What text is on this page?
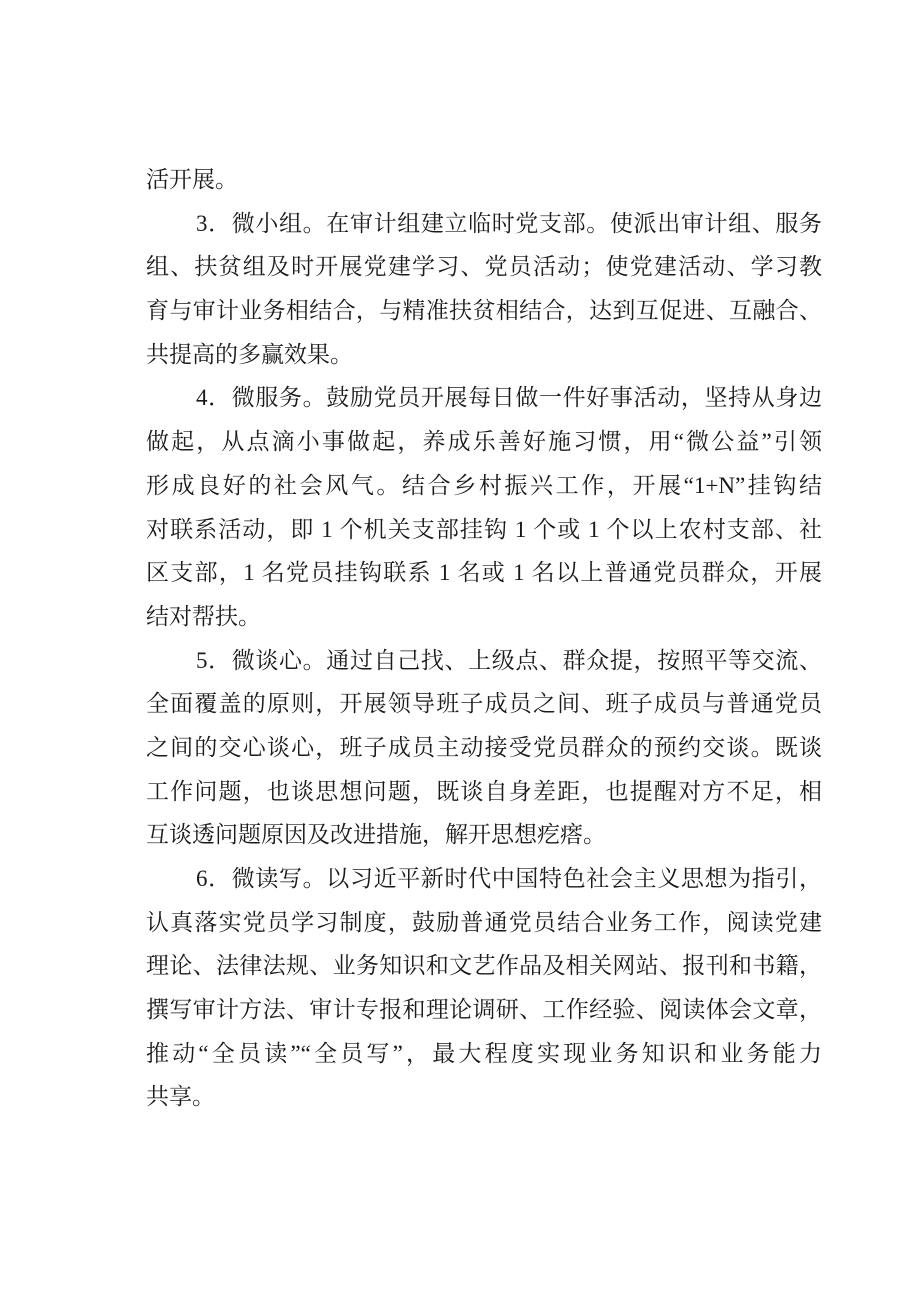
活开展。

3．微小组。在审计组建立临时党支部。使派出审计组、服务
组、扶贫组及时开展党建学习、党员活动；使党建活动、学习教
育与审计业务相结合，与精准扶贫相结合，达到互促进、互融合、
共提高的多赢效果。

4．微服务。鼓励党员开展每日做一件好事活动，坚持从身边
做起，从点滴小事做起，养成乐善好施习惯，用“微公益”引领
形成良好的社会风气。结合乡村振兴工作，开展“1+N”挂钩结
对联系活动，即 1 个机关支部挂钩 1 个或 1 个以上农村支部、社
区支部，1 名党员挂钩联系 1 名或 1 名以上普通党员群众，开展
结对帮扶。

5．微谈心。通过自己找、上级点、群众提，按照平等交流、
全面覆盖的原则，开展领导班子成员之间、班子成员与普通党员
之间的交心谈心，班子成员主动接受党员群众的预约交谈。既谈
工作问题，也谈思想问题，既谈自身差距，也提醒对方不足，相
互谈透问题原因及改进措施，解开思想疙瘩。

6．微读写。以习近平新时代中国特色社会主义思想为指引，
认真落实党员学习制度，鼓励普通党员结合业务工作，阅读党建
理论、法律法规、业务知识和文艺作品及相关网站、报刊和书籍，
撰写审计方法、审计专报和理论调研、工作经验、阅读体会文章，
推动“全员读”“全员写”，最大程度实现业务知识和业务能力
共享。
